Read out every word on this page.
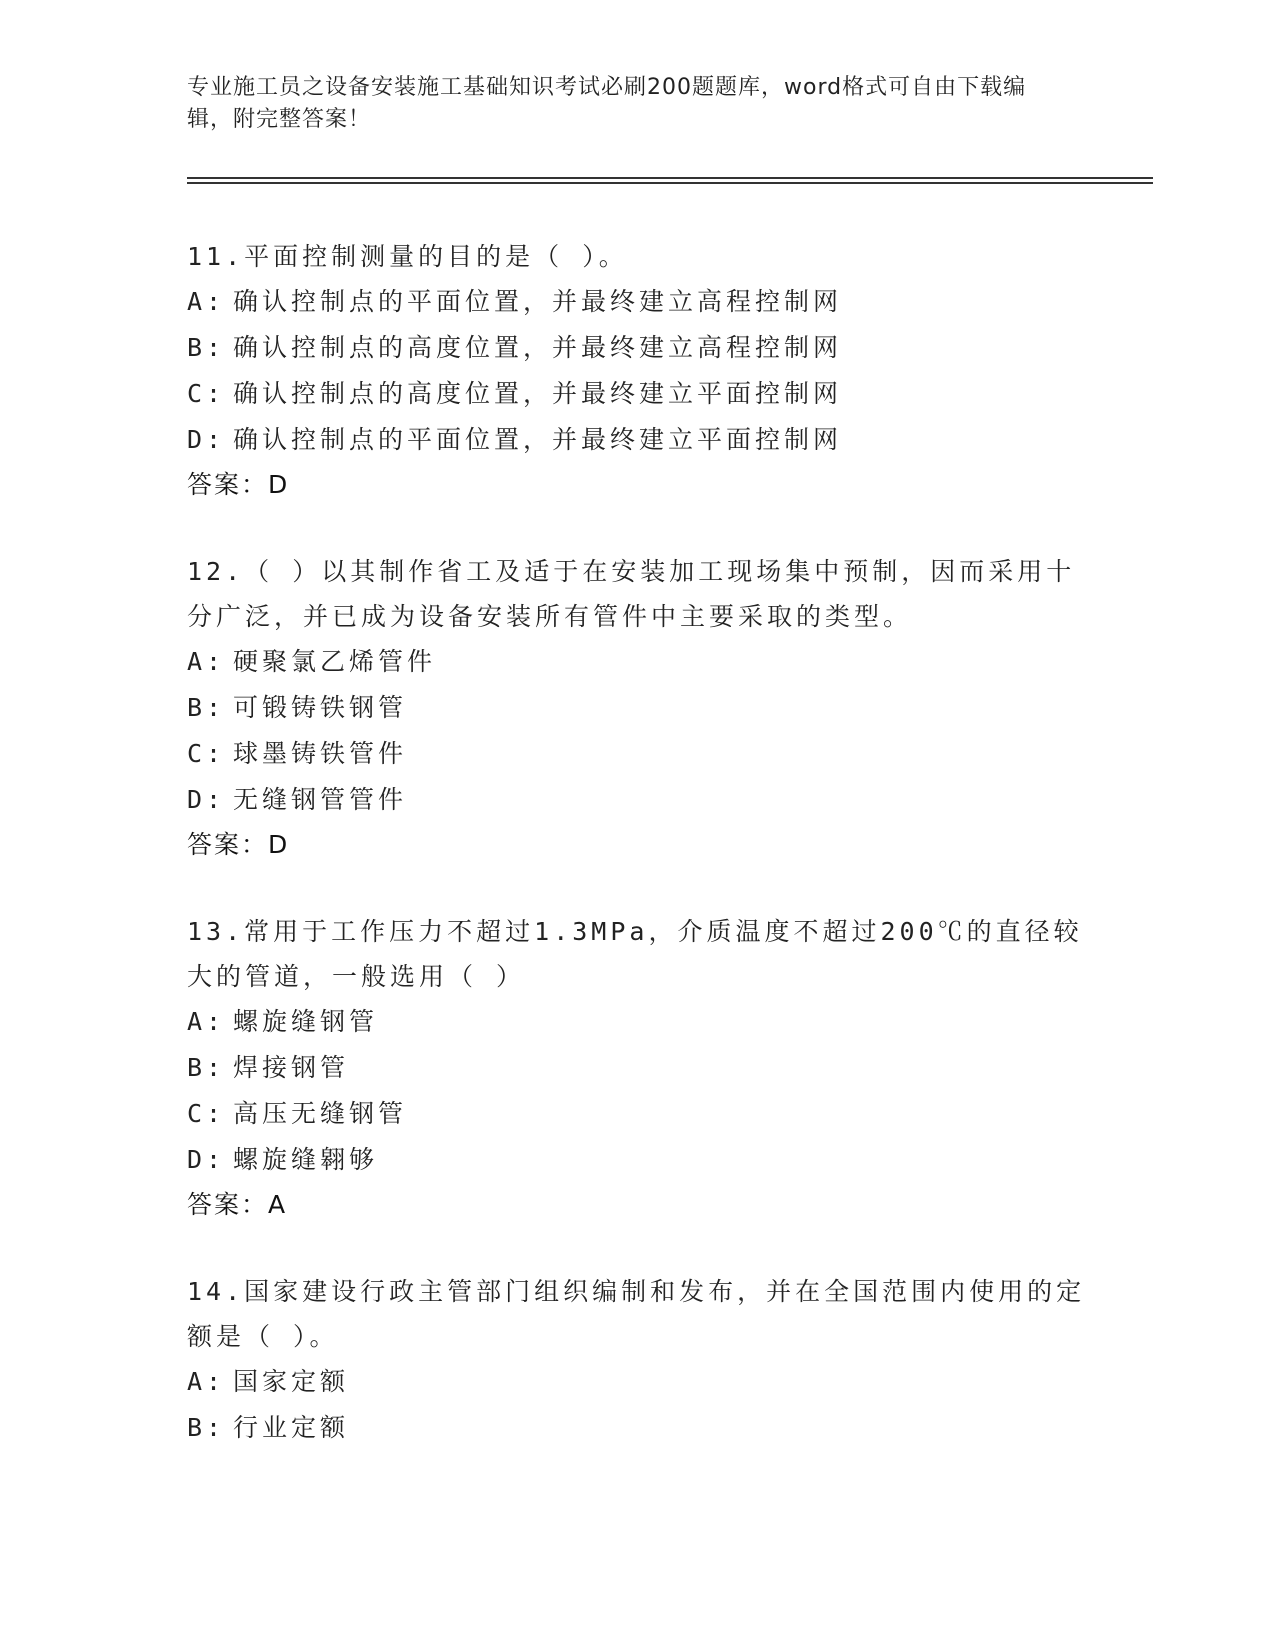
专业施工员之设备安装施工基础知识考试必刷200题题库，word格式可自由下载编辑，附完整答案！

11.平面控制测量的目的是（ ）。

A: 确认控制点的平面位置，并最终建立高程控制网
B: 确认控制点的高度位置，并最终建立高程控制网
C: 确认控制点的高度位置，并最终建立平面控制网
D: 确认控制点的平面位置，并最终建立平面控制网
答案：D

12.（ ）以其制作省工及适于在安装加工现场集中预制，因而采用十分广泛，并已成为设备安装所有管件中主要采取的类型。

A: 硬聚氯乙烯管件
B: 可锻铸铁钢管
C: 球墨铸铁管件
D: 无缝钢管管件
答案：D

13.常用于工作压力不超过1.3MPa，介质温度不超过200℃的直径较大的管道，一般选用（ ）

A: 螺旋缝钢管
B: 焊接钢管
C: 高压无缝钢管
D: 螺旋缝翱够
答案：A

14.国家建设行政主管部门组织编制和发布，并在全国范围内使用的定额是（ ）。

A: 国家定额
B: 行业定额
